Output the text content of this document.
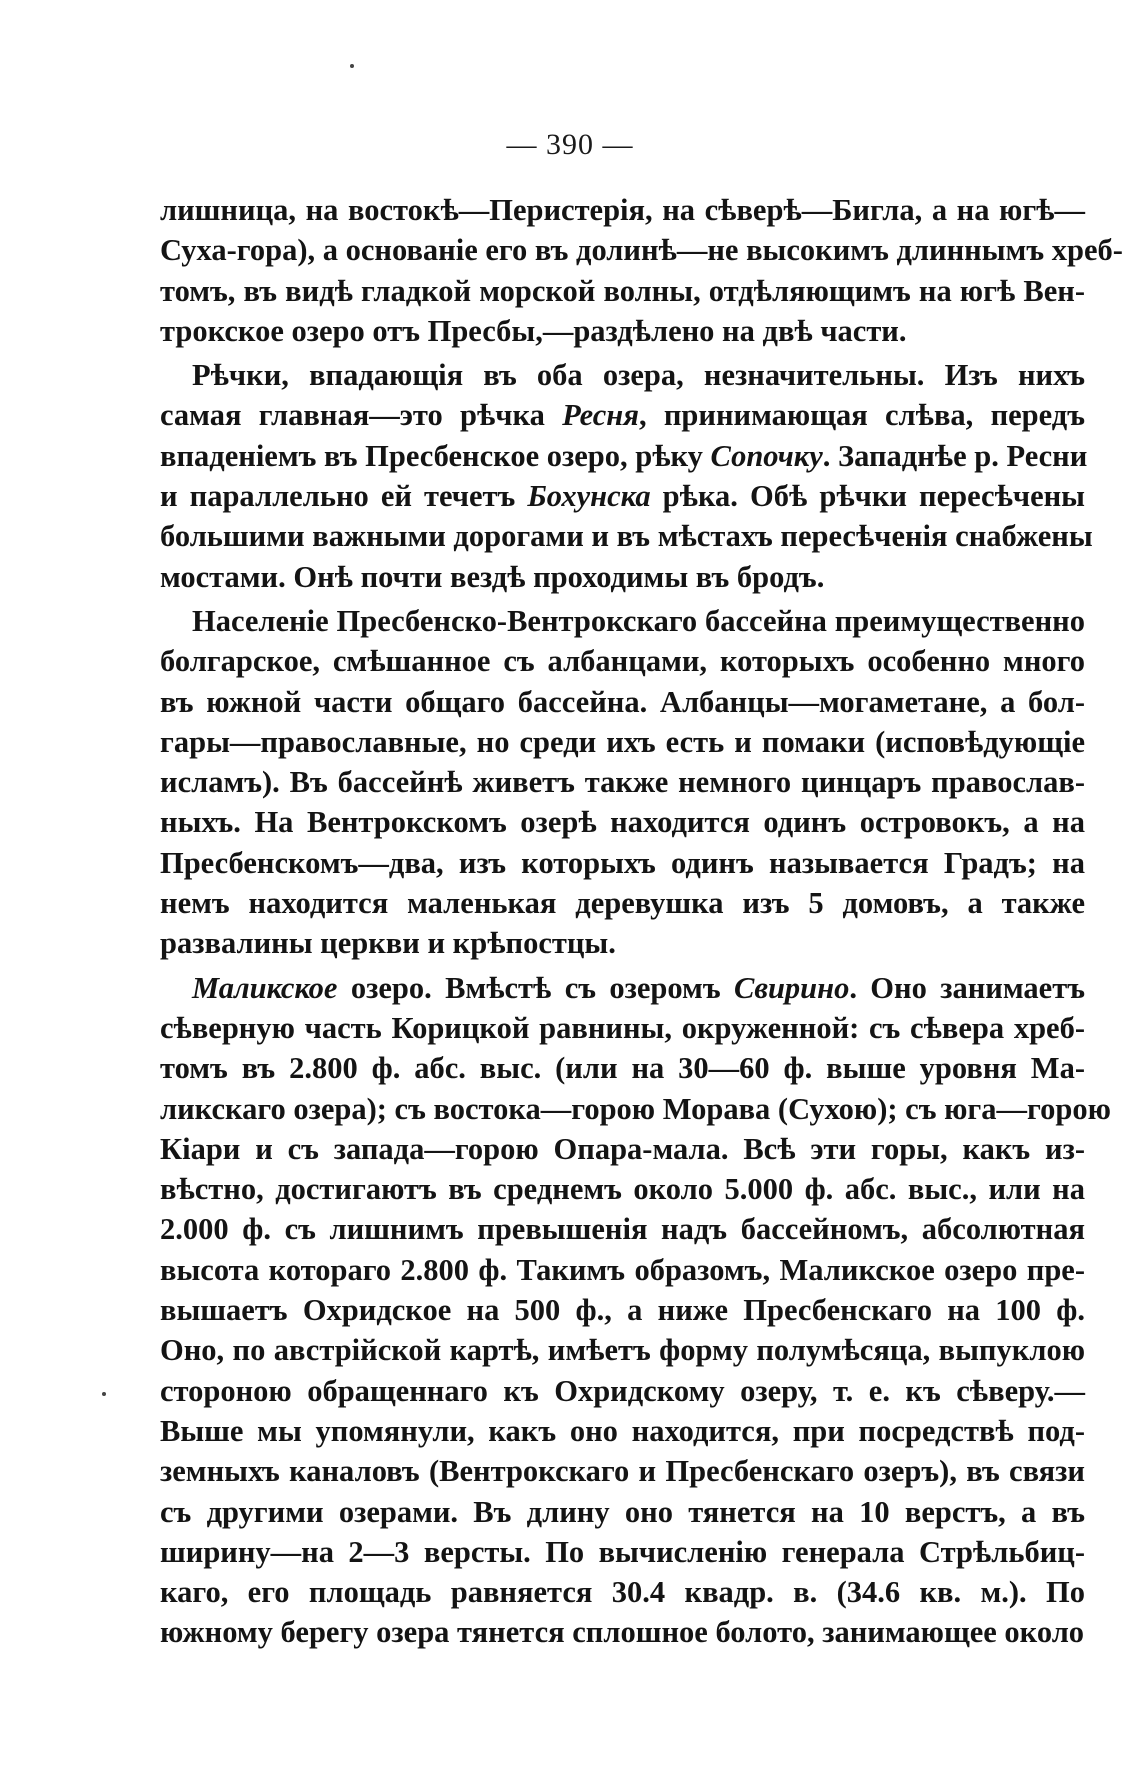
— 390 —
лишница, на востокѣ—Перистерія, на сѣверѣ—Бигла, а на югѣ—
Суха-гора), а основаніе его въ долинѣ—не высокимъ длиннымъ хреб-
томъ, въ видѣ гладкой морской волны, отдѣляющимъ на югѣ Вен-
трокское озеро отъ Пресбы,—раздѣлено на двѣ части.
Рѣчки, впадающія въ оба озера, незначительны. Изъ нихъ
самая главная—это рѣчка Ресня, принимающая слѣва, передъ
впаденіемъ въ Пресбенское озеро, рѣку Сопочку. Западнѣе р. Ресни
и параллельно ей течетъ Бохунска рѣка. Обѣ рѣчки пересѣчены
большими важными дорогами и въ мѣстахъ пересѣченія снабжены
мостами. Онѣ почти вездѣ проходимы въ бродъ.
Населеніе Пресбенско-Вентрокскаго бассейна преимущественно
болгарское, смѣшанное съ албанцами, которыхъ особенно много
въ южной части общаго бассейна. Албанцы—могаметане, а бол-
гары—православные, но среди ихъ есть и помаки (исповѣдующіе
исламъ). Въ бассейнѣ живетъ также немного цинцаръ православ-
ныхъ. На Вентрокскомъ озерѣ находится одинъ островокъ, а на
Пресбенскомъ—два, изъ которыхъ одинъ называется Градъ; на
немъ находится маленькая деревушка изъ 5 домовъ, а также
развалины церкви и крѣпостцы.
Маликское озеро. Вмѣстѣ съ озеромъ Свирино. Оно занимаетъ
сѣверную часть Корицкой равнины, окруженной: съ сѣвера хреб-
томъ въ 2.800 ф. абс. выс. (или на 30—60 ф. выше уровня Ма-
ликскаго озера); съ востока—горою Морава (Сухою); съ юга—горою
Кіари и съ запада—горою Опара-мала. Всѣ эти горы, какъ из-
вѣстно, достигаютъ въ среднемъ около 5.000 ф. абс. выс., или на
2.000 ф. съ лишнимъ превышенія надъ бассейномъ, абсолютная
высота котораго 2.800 ф. Такимъ образомъ, Маликское озеро пре-
вышаетъ Охридское на 500 ф., а ниже Пресбенскаго на 100 ф.
Оно, по австрійской картѣ, имѣетъ форму полумѣсяца, выпуклою
стороною обращеннаго къ Охридскому озеру, т. е. къ сѣверу.—
Выше мы упомянули, какъ оно находится, при посредствѣ под-
земныхъ каналовъ (Вентрокскаго и Пресбенскаго озеръ), въ связи
съ другими озерами. Въ длину оно тянется на 10 верстъ, а въ
ширину—на 2—3 версты. По вычисленію генерала Стрѣльбиц-
каго, его площадь равняется 30.4 квадр. в. (34.6 кв. м.). По
южному берегу озера тянется сплошное болото, занимающее около
